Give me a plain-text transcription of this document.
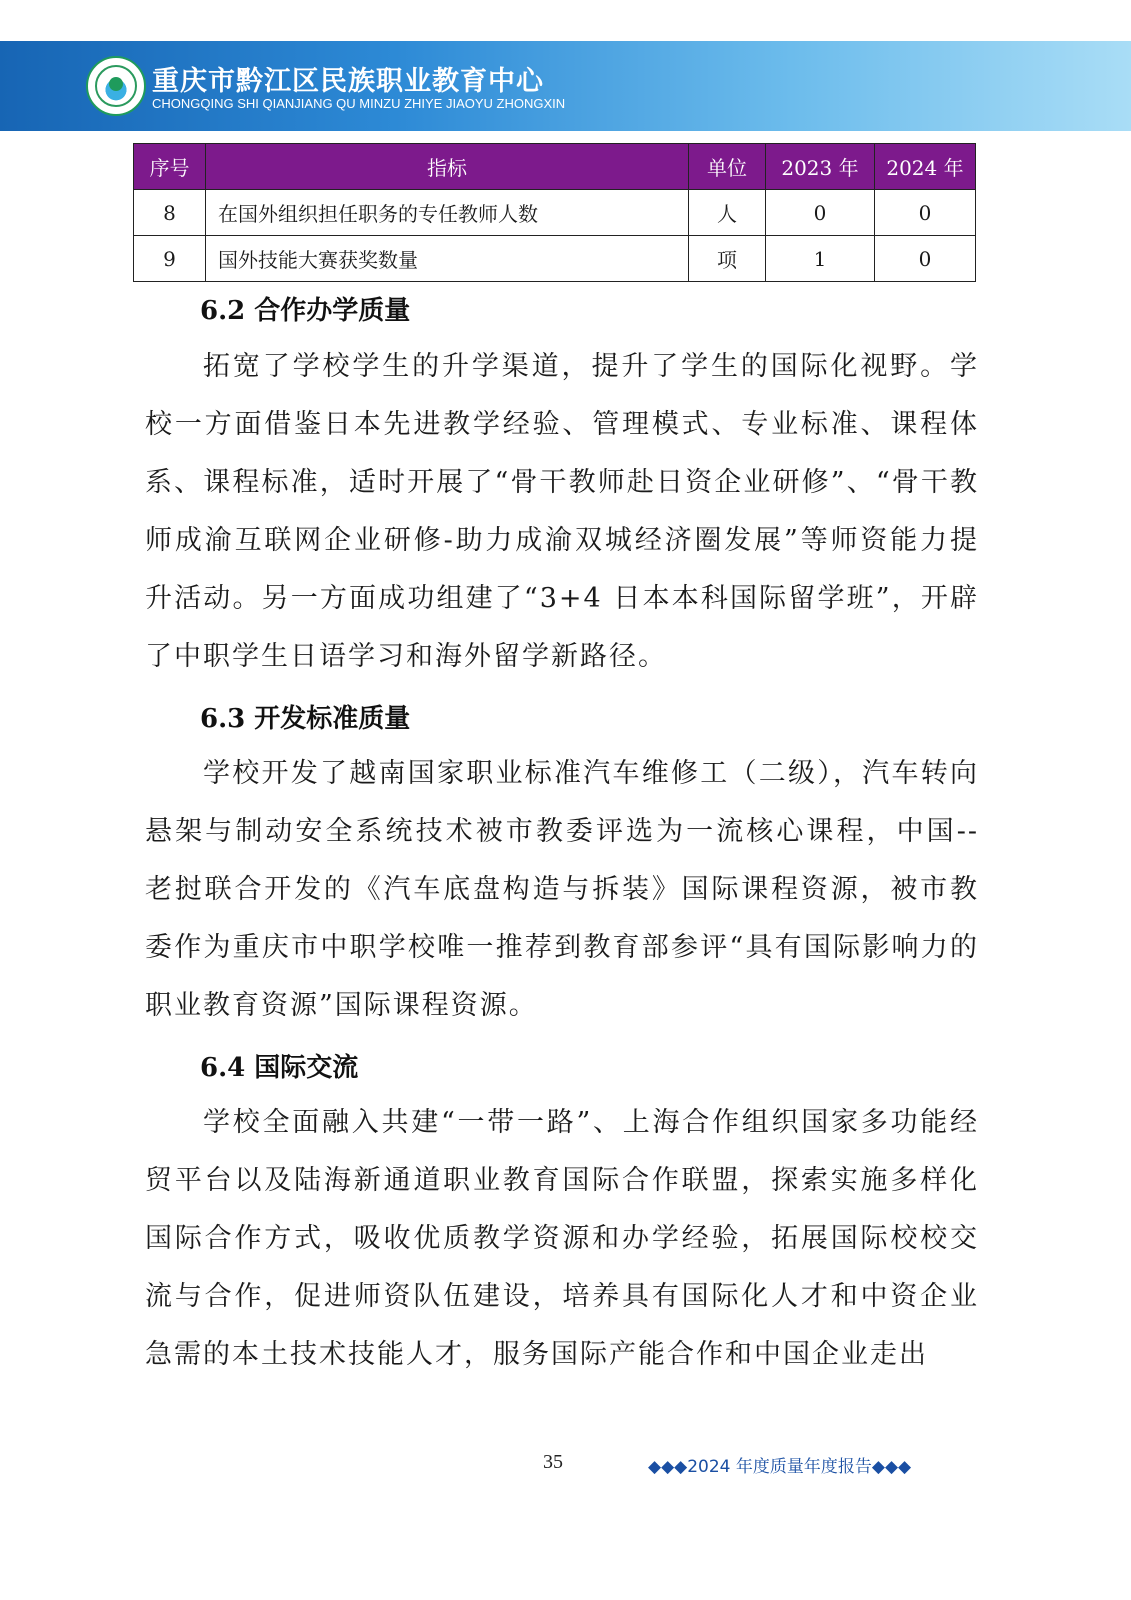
重庆市黔江区民族职业教育中心
CHONGQING SHI QIANJIANG QU MINZU ZHIYE JIAOYU ZHONGXIN
序号	指标	单位	2023 年	2024 年
8	在国外组织担任职务的专任教师人数	人	0	0
9	国外技能大赛获奖数量	项	1	0
6.2 合作办学质量
拓宽了学校学生的升学渠道，提升了学生的国际化视野。学校一方面借鉴日本先进教学经验、管理模式、专业标准、课程体系、课程标准，适时开展了“骨干教师赴日资企业研修”、“骨干教师成渝互联网企业研修-助力成渝双城经济圈发展”等师资能力提升活动。另一方面成功组建了“3+4 日本本科国际留学班”，开辟了中职学生日语学习和海外留学新路径。
6.3 开发标准质量
学校开发了越南国家职业标准汽车维修工（二级），汽车转向悬架与制动安全系统技术被市教委评选为一流核心课程，中国--老挝联合开发的《汽车底盘构造与拆装》国际课程资源，被市教委作为重庆市中职学校唯一推荐到教育部参评“具有国际影响力的职业教育资源”国际课程资源。
6.4 国际交流
学校全面融入共建“一带一路”、上海合作组织国家多功能经贸平台以及陆海新通道职业教育国际合作联盟，探索实施多样化国际合作方式，吸收优质教学资源和办学经验，拓展国际校校交流与合作，促进师资队伍建设，培养具有国际化人才和中资企业急需的本土技术技能人才，服务国际产能合作和中国企业走出
35	◆◆◆2024 年度质量年度报告◆◆◆
